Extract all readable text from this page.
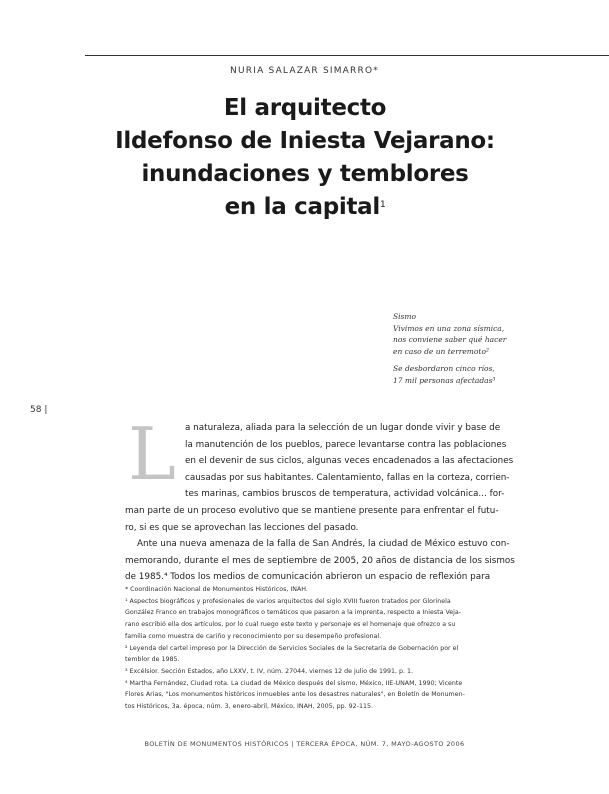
NURIA SALAZAR SIMARRO*
El arquitecto
Ildefonso de Iniesta Vejarano:
inundaciones y temblores
en la capital$^1$

Sismo
Vivimos en una zona sísmica,
nos conviene saber qué hacer
en caso de un terremoto²

Se desbordaron cinco ríos,
17 mil personas afectadas³

58 |
L	a naturaleza, aliada para la selección de un lugar donde vivir y base de
la manutención de los pueblos, parece levantarse contra las poblaciones
en el devenir de sus ciclos, algunas veces encadenados a las afectaciones
causadas por sus habitantes. Calentamiento, fallas en la corteza, corrien-
tes marinas, cambios bruscos de temperatura, actividad volcánica... for-
man parte de un proceso evolutivo que se mantiene presente para enfrentar el futu-
ro, si es que se aprovechan las lecciones del pasado.
Ante una nueva amenaza de la falla de San Andrés, la ciudad de México estuvo con-
memorando, durante el mes de septiembre de 2005, 20 años de distancia de los sismos
de 1985.⁴ Todos los medios de comunicación abrieron un espacio de reflexión para
* Coordinación Nacional de Monumentos Históricos, INAH.
¹ Aspectos biográficos y profesionales de varios arquitectos del siglo XVIII fueron tratados por Glorinela
González Franco en trabajos monográficos o temáticos que pasaron a la imprenta, respecto a Iniesta Veja-
rano escribió ella dos artículos, por lo cual ruego este texto y personaje es el homenaje que ofrezco a su
familia como muestra de cariño y reconocimiento por su desempeño profesional.
² Leyenda del cartel impreso por la Dirección de Servicios Sociales de la Secretaría de Gobernación por el
temblor de 1985.
³ Excélsior. Sección Estados, año LXXV, t. IV, núm. 27044, viernes 12 de julio de 1991, p. 1.
⁴ Martha Fernández, Ciudad rota. La ciudad de México después del sismo, México, IIE-UNAM, 1990; Vicente
Flores Arias, "Los monumentos históricos inmuebles ante los desastres naturales", en Boletín de Monumen-
tos Históricos, 3a. época, núm. 3, enero-abril, México, INAH, 2005, pp. 92-115.
BOLETÍN DE MONUMENTOS HISTÓRICOS | TERCERA ÉPOCA, NÚM. 7, MAYO-AGOSTO 2006
